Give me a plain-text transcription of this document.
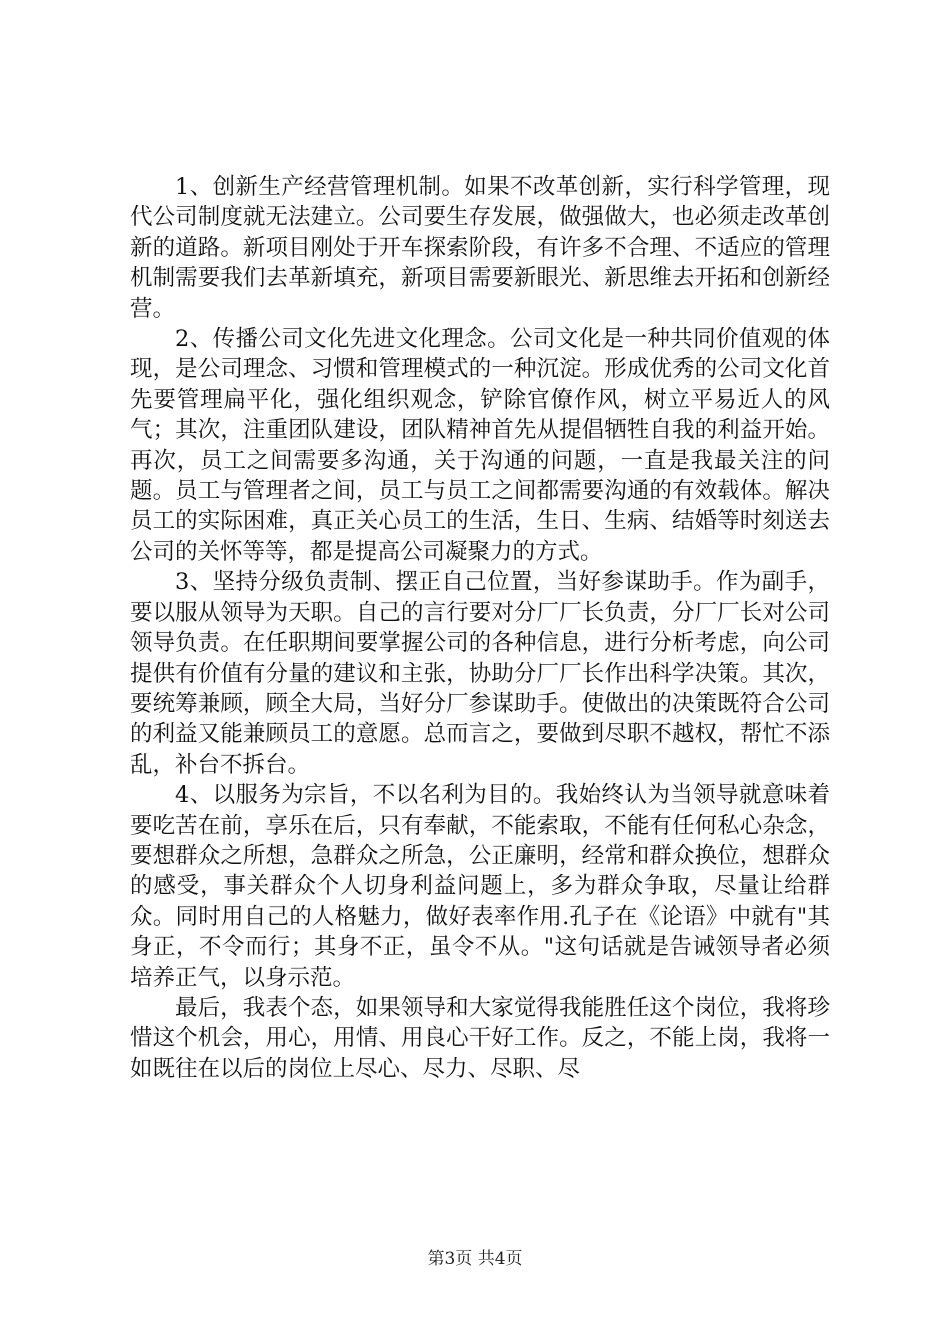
1、创新生产经营管理机制。如果不改革创新，实行科学管理，现代公司制度就无法建立。公司要生存发展，做强做大，也必须走改革创新的道路。新项目刚处于开车探索阶段，有许多不合理、不适应的管理机制需要我们去革新填充，新项目需要新眼光、新思维去开拓和创新经营。

2、传播公司文化先进文化理念。公司文化是一种共同价值观的体现，是公司理念、习惯和管理模式的一种沉淀。形成优秀的公司文化首先要管理扁平化，强化组织观念，铲除官僚作风，树立平易近人的风气；其次，注重团队建设，团队精神首先从提倡牺牲自我的利益开始。再次，员工之间需要多沟通，关于沟通的问题，一直是我最关注的问题。员工与管理者之间，员工与员工之间都需要沟通的有效载体。解决员工的实际困难，真正关心员工的生活，生日、生病、结婚等时刻送去公司的关怀等等，都是提高公司凝聚力的方式。

3、坚持分级负责制、摆正自己位置，当好参谋助手。作为副手，要以服从领导为天职。自己的言行要对分厂厂长负责，分厂厂长对公司领导负责。在任职期间要掌握公司的各种信息，进行分析考虑，向公司提供有价值有分量的建议和主张，协助分厂厂长作出科学决策。其次，要统筹兼顾，顾全大局，当好分厂参谋助手。使做出的决策既符合公司的利益又能兼顾员工的意愿。总而言之，要做到尽职不越权，帮忙不添乱，补台不拆台。

4、以服务为宗旨，不以名利为目的。我始终认为当领导就意味着要吃苦在前，享乐在后，只有奉献，不能索取，不能有任何私心杂念，要想群众之所想，急群众之所急，公正廉明，经常和群众换位，想群众的感受，事关群众个人切身利益问题上，多为群众争取，尽量让给群众。同时用自己的人格魅力，做好表率作用.孔子在《论语》中就有"其身正，不令而行；其身不正，虽令不从。"这句话就是告诫领导者必须培养正气，以身示范。

最后，我表个态，如果领导和大家觉得我能胜任这个岗位，我将珍惜这个机会，用心，用情、用良心干好工作。反之，不能上岗，我将一如既往在以后的岗位上尽心、尽力、尽职、尽

第3页 共4页
